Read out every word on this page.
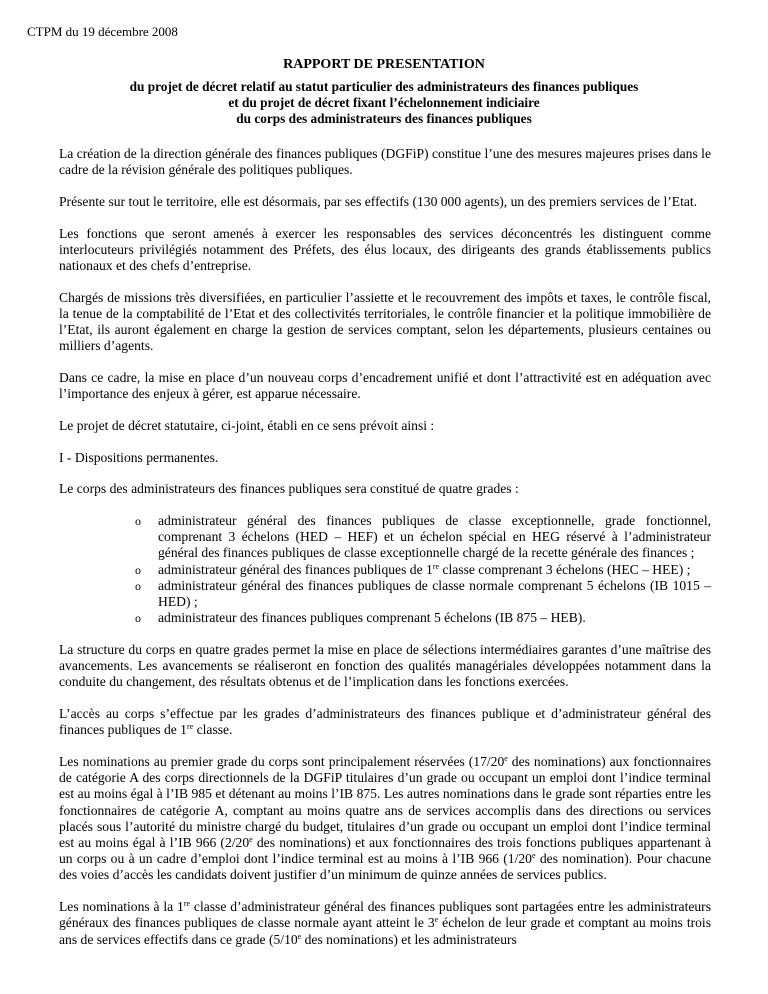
CTPM du 19 décembre 2008
RAPPORT DE PRESENTATION
du projet de décret relatif au statut particulier des administrateurs des finances publiques
et du projet de décret fixant l’échelonnement indiciaire
du corps des administrateurs des finances publiques

La création de la direction générale des finances publiques (DGFiP) constitue l’une des mesures majeures prises dans le cadre de la révision générale des politiques publiques.

Présente sur tout le territoire, elle est désormais, par ses effectifs (130 000 agents), un des premiers services de l’Etat.

Les fonctions que seront amenés à exercer les responsables des services déconcentrés les distinguent comme interlocuteurs privilégiés notamment des Préfets, des élus locaux, des dirigeants des grands établissements publics nationaux et des chefs d’entreprise.

Chargés de missions très diversifiées, en particulier l’assiette et le recouvrement des impôts et taxes, le contrôle fiscal, la tenue de la comptabilité de l’Etat et des collectivités territoriales, le contrôle financier et la politique immobilière de l’Etat, ils auront également en charge la gestion de services comptant, selon les départements, plusieurs centaines ou milliers d’agents.

Dans ce cadre, la mise en place d’un nouveau corps d’encadrement unifié et dont l’attractivité est en adéquation avec l’importance des enjeux à gérer, est apparue nécessaire.

Le projet de décret statutaire, ci-joint, établi en ce sens prévoit ainsi :

I - Dispositions permanentes.

Le corps des administrateurs des finances publiques sera constitué de quatre grades :

o administrateur général des finances publiques de classe exceptionnelle, grade fonctionnel, comprenant 3 échelons (HED – HEF) et un échelon spécial en HEG réservé à l’administrateur général des finances publiques de classe exceptionnelle chargé de la recette générale des finances ;
o administrateur général des finances publiques de 1re classe comprenant 3 échelons (HEC – HEE) ;
o administrateur général des finances publiques de classe normale comprenant 5 échelons (IB 1015 – HED) ;
o administrateur des finances publiques comprenant 5 échelons (IB 875 – HEB).

La structure du corps en quatre grades permet la mise en place de sélections intermédiaires garantes d’une maîtrise des avancements. Les avancements se réaliseront en fonction des qualités managériales développées notamment dans la conduite du changement, des résultats obtenus et de l’implication dans les fonctions exercées.

L’accès au corps s’effectue par les grades d’administrateurs des finances publique et d’administrateur général des finances publiques de 1re classe.

Les nominations au premier grade du corps sont principalement réservées (17/20e des nominations) aux fonctionnaires de catégorie A des corps directionnels de la DGFiP titulaires d’un grade ou occupant un emploi dont l’indice terminal est au moins égal à l’IB 985 et détenant au moins l’IB 875. Les autres nominations dans le grade sont réparties entre les fonctionnaires de catégorie A, comptant au moins quatre ans de services accomplis dans des directions ou services placés sous l’autorité du ministre chargé du budget, titulaires d’un grade ou occupant un emploi dont l’indice terminal est au moins égal à l’IB 966 (2/20e des nominations) et aux fonctionnaires des trois fonctions publiques appartenant à un corps ou à un cadre d’emploi dont l’indice terminal est au moins à l’IB 966 (1/20e des nomination). Pour chacune des voies d’accès les candidats doivent justifier d’un minimum de quinze années de services publics.

Les nominations à la 1re classe d’administrateur général des finances publiques sont partagées entre les administrateurs généraux des finances publiques de classe normale ayant atteint le 3e échelon de leur grade et comptant au moins trois ans de services effectifs dans ce grade (5/10e des nominations) et les administrateurs
